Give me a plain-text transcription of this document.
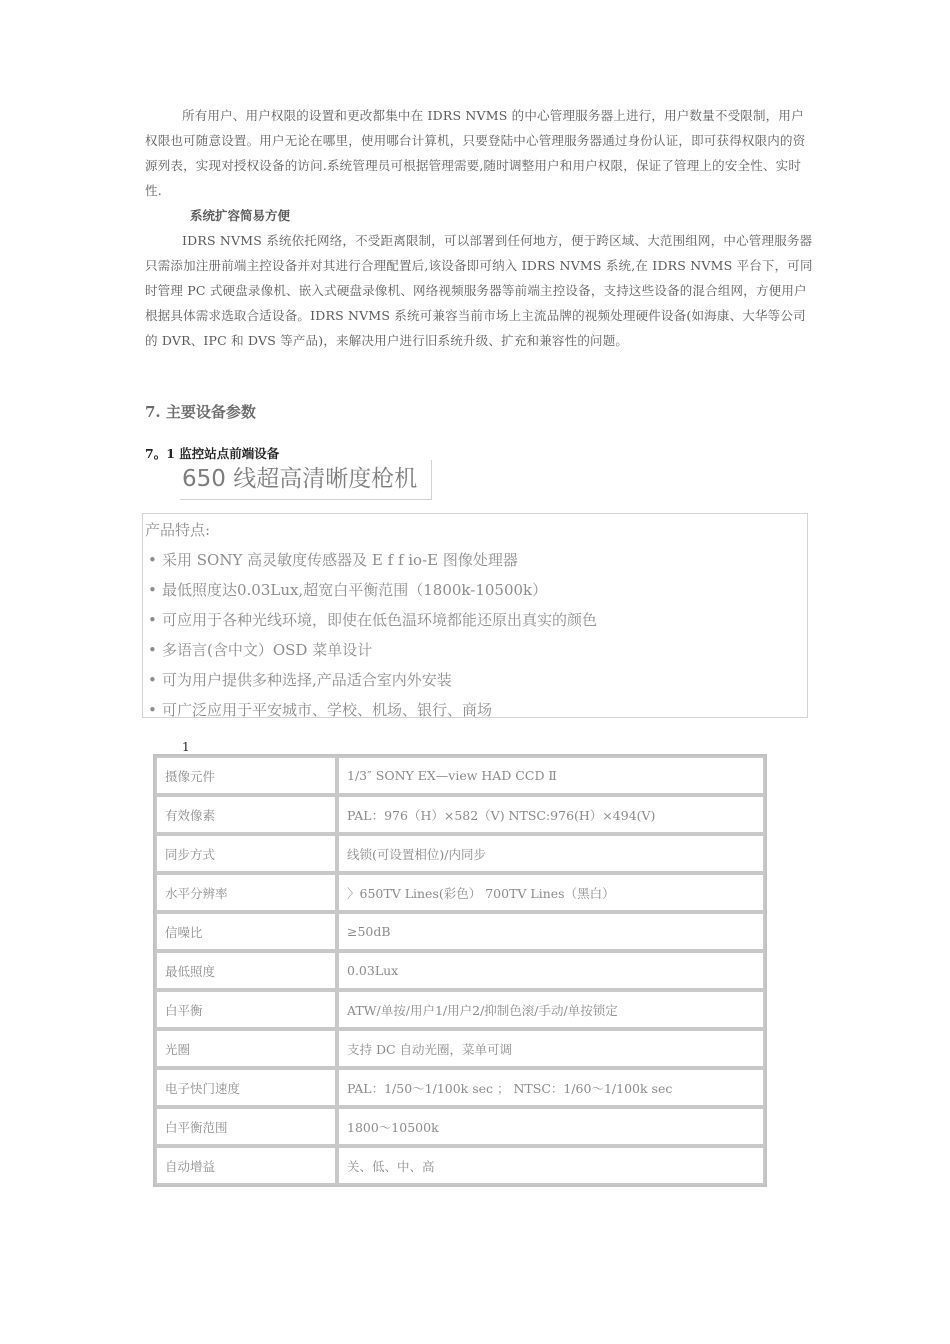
所有用户、用户权限的设置和更改都集中在 IDRS NVMS 的中心管理服务器上进行，用户数量不受限制，用户权限也可随意设置。用户无论在哪里，使用哪台计算机，只要登陆中心管理服务器通过身份认证，即可获得权限内的资源列表，实现对授权设备的访问.系统管理员可根据管理需要,随时调整用户和用户权限，保证了管理上的安全性、实时性.
系统扩容简易方便
IDRS NVMS 系统依托网络，不受距离限制，可以部署到任何地方，便于跨区域、大范围组网，中心管理服务器只需添加注册前端主控设备并对其进行合理配置后,该设备即可纳入 IDRS NVMS 系统,在 IDRS NVMS 平台下，可同时管理 PC 式硬盘录像机、嵌入式硬盘录像机、网络视频服务器等前端主控设备，支持这些设备的混合组网，方便用户根据具体需求选取合适设备。IDRS NVMS 系统可兼容当前市场上主流品牌的视频处理硬件设备(如海康、大华等公司的 DVR、IPC 和 DVS 等产品)，来解决用户进行旧系统升级、扩充和兼容性的问题。
7. 主要设备参数
7。1 监控站点前端设备
650 线超高清晰度枪机
产品特点:
• 采用 SONY 高灵敏度传感器及 E f f io-E 图像处理器
• 最低照度达0.03Lux,超宽白平衡范围（1800k-10500k）
• 可应用于各种光线环境，即使在低色温环境都能还原出真实的颜色
• 多语言(含中文）OSD 菜单设计
• 可为用户提供多种选择,产品适合室内外安装
• 可广泛应用于平安城市、学校、机场、银行、商场
1
摄像元件	1/3″ SONY EX—view HAD CCD Ⅱ
有效像素	PAL：976（H）×582（V) NTSC:976(H）×494(V)
同步方式	线锁(可设置相位)/内同步
水平分辨率	〉650TV Lines(彩色） 700TV Lines（黑白）
信噪比	≥50dB
最低照度	0.03Lux
白平衡	ATW/单按/用户1/用户2/抑制色滚/手动/单按锁定
光圈	支持 DC 自动光圈，菜单可调
电子快门速度	PAL：1/50～1/100k sec ； NTSC：1/60～1/100k sec
白平衡范围	1800～10500k
自动增益	关、低、中、高
